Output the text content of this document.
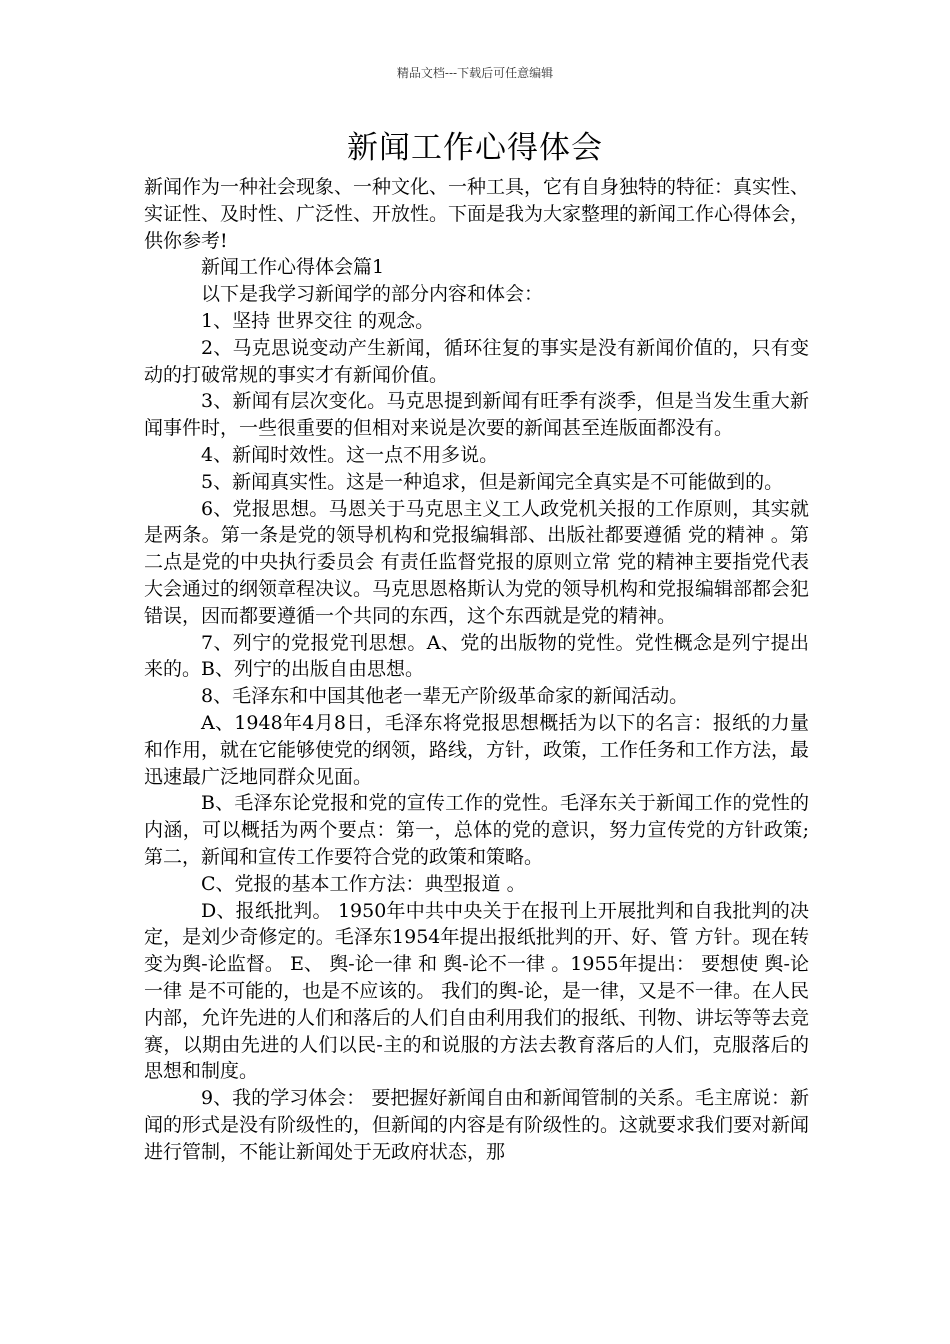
精品文档---下载后可任意编辑
新闻工作心得体会

新闻作为一种社会现象、一种文化、一种工具，它有自身独特的特征：真实性、实证性、及时性、广泛性、开放性。下面是我为大家整理的新闻工作心得体会，供你参考!

新闻工作心得体会篇1

以下是我学习新闻学的部分内容和体会：

1、坚持 世界交往 的观念。

2、马克思说变动产生新闻，循环往复的事实是没有新闻价值的，只有变动的打破常规的事实才有新闻价值。

3、新闻有层次变化。马克思提到新闻有旺季有淡季，但是当发生重大新闻事件时，一些很重要的但相对来说是次要的新闻甚至连版面都没有。

4、新闻时效性。这一点不用多说。

5、新闻真实性。这是一种追求，但是新闻完全真实是不可能做到的。

6、党报思想。马恩关于马克思主义工人政党机关报的工作原则，其实就是两条。第一条是党的领导机构和党报编辑部、出版社都要遵循 党的精神 。第二点是党的中央执行委员会 有责任监督党报的原则立常 党的精神主要指党代表大会通过的纲领章程决议。马克思恩格斯认为党的领导机构和党报编辑部都会犯错误，因而都要遵循一个共同的东西，这个东西就是党的精神。

7、列宁的党报党刊思想。A、党的出版物的党性。党性概念是列宁提出来的。B、列宁的出版自由思想。

8、毛泽东和中国其他老一辈无产阶级革命家的新闻活动。

A、1948年4月8日，毛泽东将党报思想概括为以下的名言：报纸的力量和作用，就在它能够使党的纲领，路线，方针，政策，工作任务和工作方法，最迅速最广泛地同群众见面。

B、毛泽东论党报和党的宣传工作的党性。毛泽东关于新闻工作的党性的内涵，可以概括为两个要点：第一，总体的党的意识，努力宣传党的方针政策;第二，新闻和宣传工作要符合党的政策和策略。

C、党报的基本工作方法：典型报道 。

D、报纸批判。 1950年中共中央关于在报刊上开展批判和自我批判的决定，是刘少奇修定的。毛泽东1954年提出报纸批判的开、好、管 方针。现在转变为舆-论监督。 E、 舆-论一律 和 舆-论不一律 。1955年提出： 要想使 舆-论一律 是不可能的，也是不应该的。 我们的舆-论，是一律，又是不一律。在人民内部，允许先进的人们和落后的人们自由利用我们的报纸、刊物、讲坛等等去竞赛，以期由先进的人们以民-主的和说服的方法去教育落后的人们，克服落后的思想和制度。

9、我的学习体会： 要把握好新闻自由和新闻管制的关系。毛主席说：新闻的形式是没有阶级性的，但新闻的内容是有阶级性的。这就要求我们要对新闻进行管制，不能让新闻处于无政府状态，那
